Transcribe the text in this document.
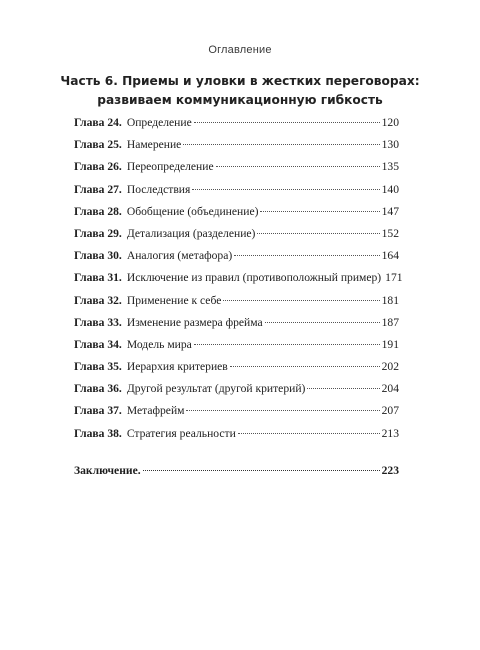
Оглавление
Часть 6. Приемы и уловки в жестких переговорах:
развиваем коммуникационную гибкость
Глава 24. Определение	120
Глава 25. Намерение	130
Глава 26. Переопределение	135
Глава 27. Последствия	140
Глава 28. Обобщение (объединение)	147
Глава 29. Детализация (разделение)	152
Глава 30. Аналогия (метафора)	164
Глава 31. Исключение из правил (противоположный пример) 171
Глава 32. Применение к себе	181
Глава 33. Изменение размера фрейма	187
Глава 34. Модель мира	191
Глава 35. Иерархия критериев	202
Глава 36. Другой результат (другой критерий)	204
Глава 37. Метафрейм	207
Глава 38. Стратегия реальности	213
Заключение.	223
